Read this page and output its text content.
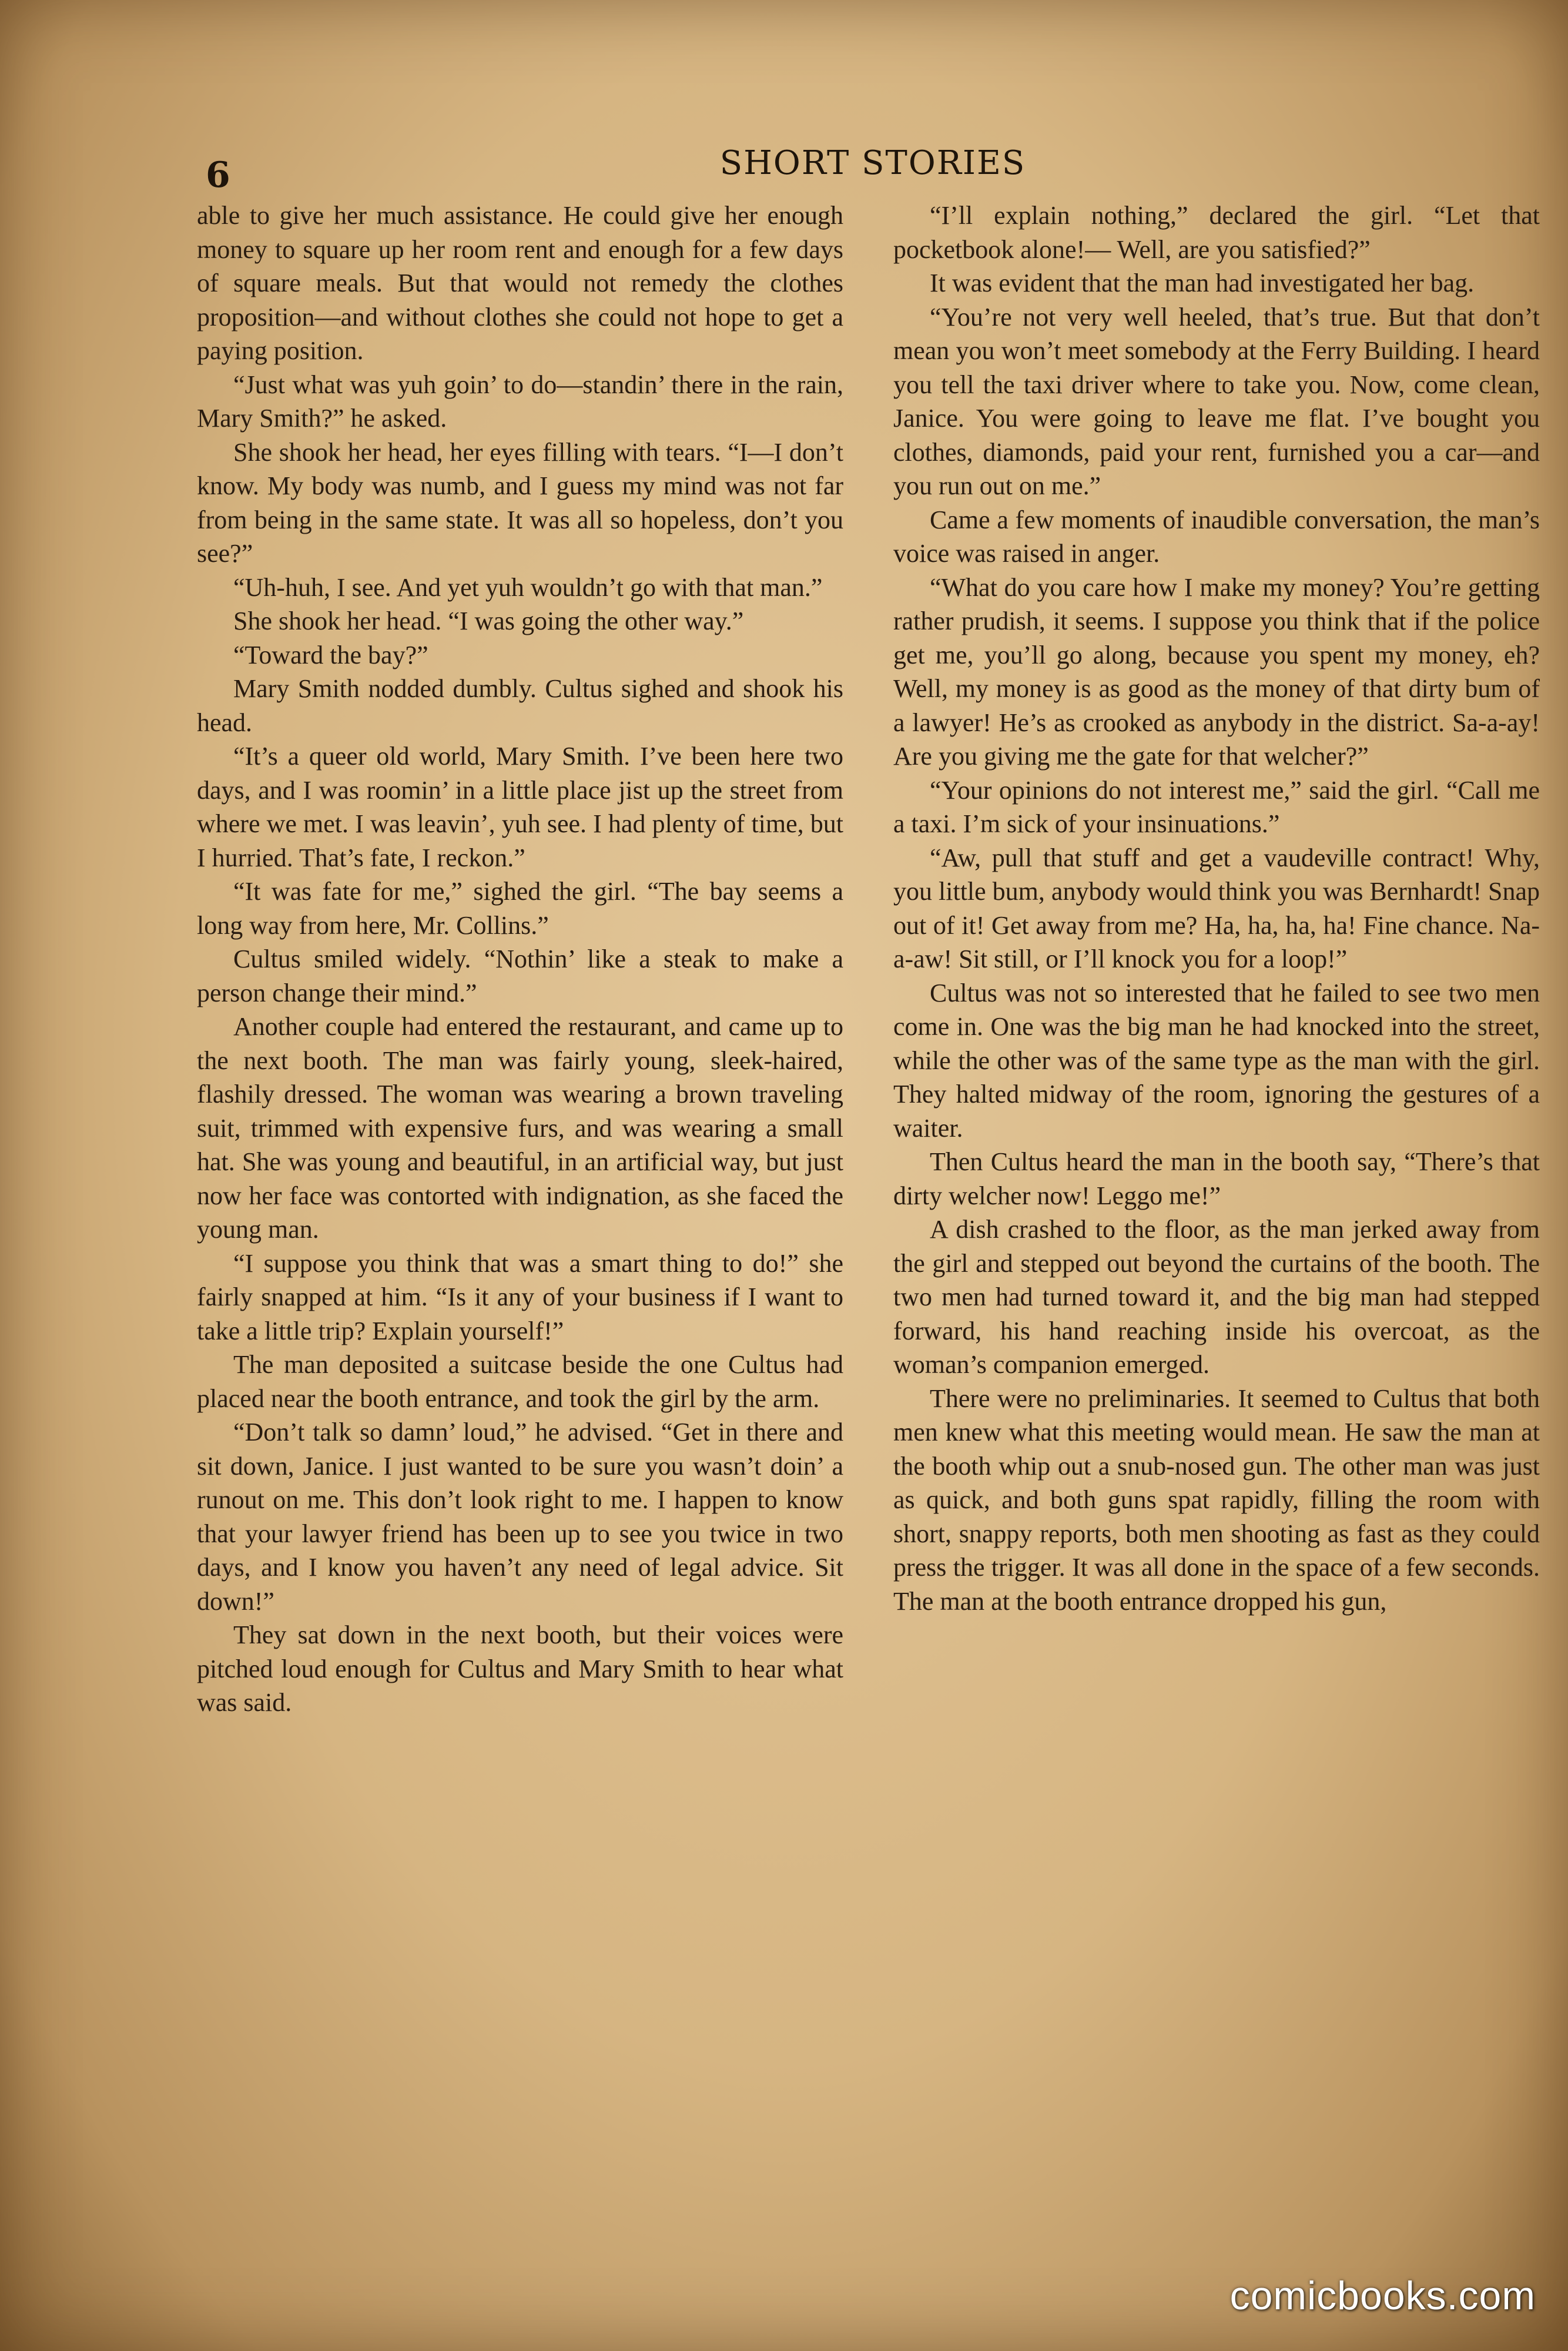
6	SHORT STORIES

able to give her much assistance. He could give her enough money to square up her room rent and enough for a few days of square meals. But that would not remedy the clothes proposition—and without clothes she could not hope to get a paying position.

“Just what was yuh goin’ to do—standin’ there in the rain, Mary Smith?” he asked.

She shook her head, her eyes filling with tears. “I—I don’t know. My body was numb, and I guess my mind was not far from being in the same state. It was all so hopeless, don’t you see?”

“Uh-huh, I see. And yet yuh wouldn’t go with that man.”

She shook her head. “I was going the other way.”

“Toward the bay?”

Mary Smith nodded dumbly. Cultus sighed and shook his head.

“It’s a queer old world, Mary Smith. I’ve been here two days, and I was roomin’ in a little place jist up the street from where we met. I was leavin’, yuh see. I had plenty of time, but I hurried. That’s fate, I reckon.”

“It was fate for me,” sighed the girl. “The bay seems a long way from here, Mr. Collins.”

Cultus smiled widely. “Nothin’ like a steak to make a person change their mind.”

Another couple had entered the restaurant, and came up to the next booth. The man was fairly young, sleek-haired, flashily dressed. The woman was wearing a brown traveling suit, trimmed with expensive furs, and was wearing a small hat. She was young and beautiful, in an artificial way, but just now her face was contorted with indignation, as she faced the young man.

“I suppose you think that was a smart thing to do!” she fairly snapped at him. “Is it any of your business if I want to take a little trip? Explain yourself!”

The man deposited a suitcase beside the one Cultus had placed near the booth entrance, and took the girl by the arm.

“Don’t talk so damn’ loud,” he advised. “Get in there and sit down, Janice. I just wanted to be sure you wasn’t doin’ a runout on me. This don’t look right to me. I happen to know that your lawyer friend has been up to see you twice in two days, and I know you haven’t any need of legal advice. Sit down!”

They sat down in the next booth, but their voices were pitched loud enough for Cultus and Mary Smith to hear what was said.

“I’ll explain nothing,” declared the girl. “Let that pocketbook alone!— Well, are you satisfied?”

It was evident that the man had investigated her bag.

“You’re not very well heeled, that’s true. But that don’t mean you won’t meet somebody at the Ferry Building. I heard you tell the taxi driver where to take you. Now, come clean, Janice. You were going to leave me flat. I’ve bought you clothes, diamonds, paid your rent, furnished you a car—and you run out on me.”

Came a few moments of inaudible conversation, the man’s voice was raised in anger.

“What do you care how I make my money? You’re getting rather prudish, it seems. I suppose you think that if the police get me, you’ll go along, because you spent my money, eh? Well, my money is as good as the money of that dirty bum of a lawyer! He’s as crooked as anybody in the district. Sa-a-ay! Are you giving me the gate for that welcher?”

“Your opinions do not interest me,” said the girl. “Call me a taxi. I’m sick of your insinuations.”

“Aw, pull that stuff and get a vaudeville contract! Why, you little bum, anybody would think you was Bernhardt! Snap out of it! Get away from me? Ha, ha, ha, ha! Fine chance. Na-a-aw! Sit still, or I’ll knock you for a loop!”

Cultus was not so interested that he failed to see two men come in. One was the big man he had knocked into the street, while the other was of the same type as the man with the girl. They halted midway of the room, ignoring the gestures of a waiter.

Then Cultus heard the man in the booth say, “There’s that dirty welcher now! Leggo me!”

A dish crashed to the floor, as the man jerked away from the girl and stepped out beyond the curtains of the booth. The two men had turned toward it, and the big man had stepped forward, his hand reaching inside his overcoat, as the woman’s companion emerged.

There were no preliminaries. It seemed to Cultus that both men knew what this meeting would mean. He saw the man at the booth whip out a snub-nosed gun. The other man was just as quick, and both guns spat rapidly, filling the room with short, snappy reports, both men shooting as fast as they could press the trigger. It was all done in the space of a few seconds. The man at the booth entrance dropped his gun,

comicbooks.com
